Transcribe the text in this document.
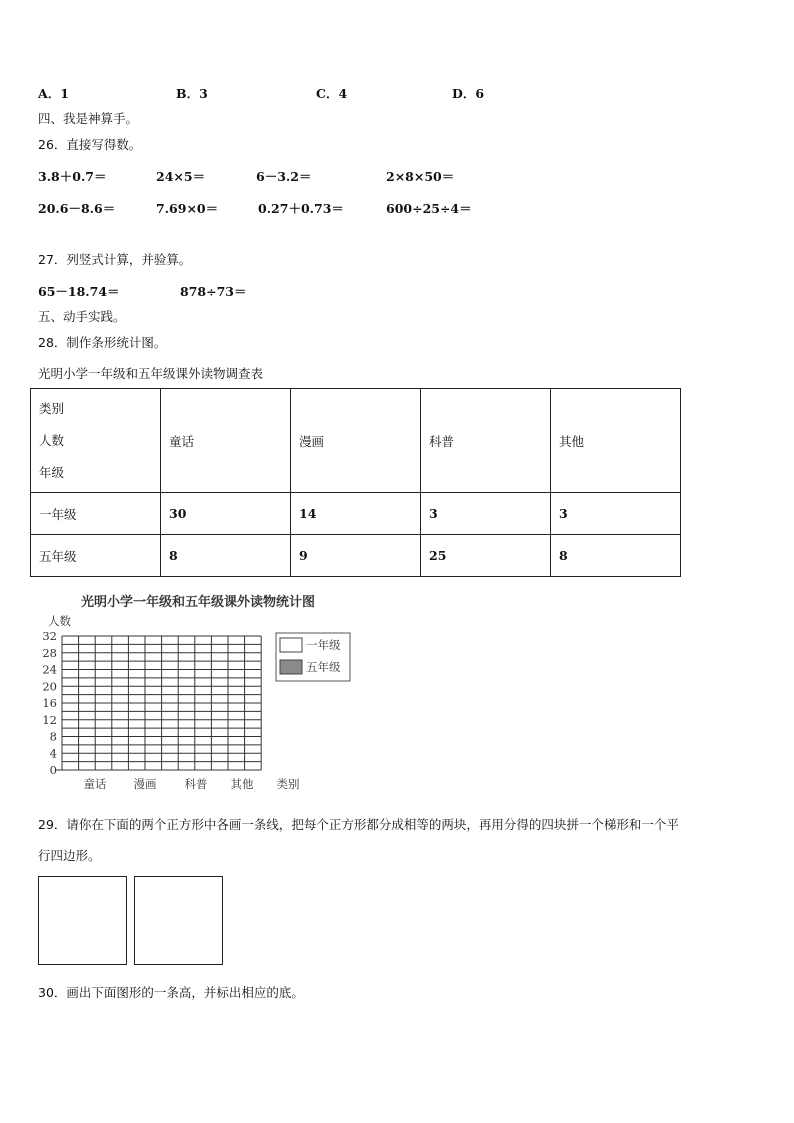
A．1	B．3	C．4	D．6
四、我是神算手。
26．直接写得数。
3.8＋0.7＝	24×5＝	6－3.2＝	2×8×50＝
20.6－8.6＝	7.69×0＝	0.27＋0.73＝	600÷25÷4＝
27．列竖式计算，并验算。
65－18.74＝	878÷73＝
五、动手实践。
28．制作条形统计图。
光明小学一年级和五年级课外读物调查表
类别
人数
年级	童话	漫画	科普	其他
一年级	30	14	3	3
五年级	8	9	25	8
光明小学一年级和五年级课外读物统计图
人数
0
4
8
12
16
20
24
28
32
童话 漫画 科普 其他 类别
一年级
五年级
29．请你在下面的两个正方形中各画一条线，把每个正方形都分成相等的两块，再用分得的四块拼一个梯形和一个平
行四边形。
30．画出下面图形的一条高，并标出相应的底。
